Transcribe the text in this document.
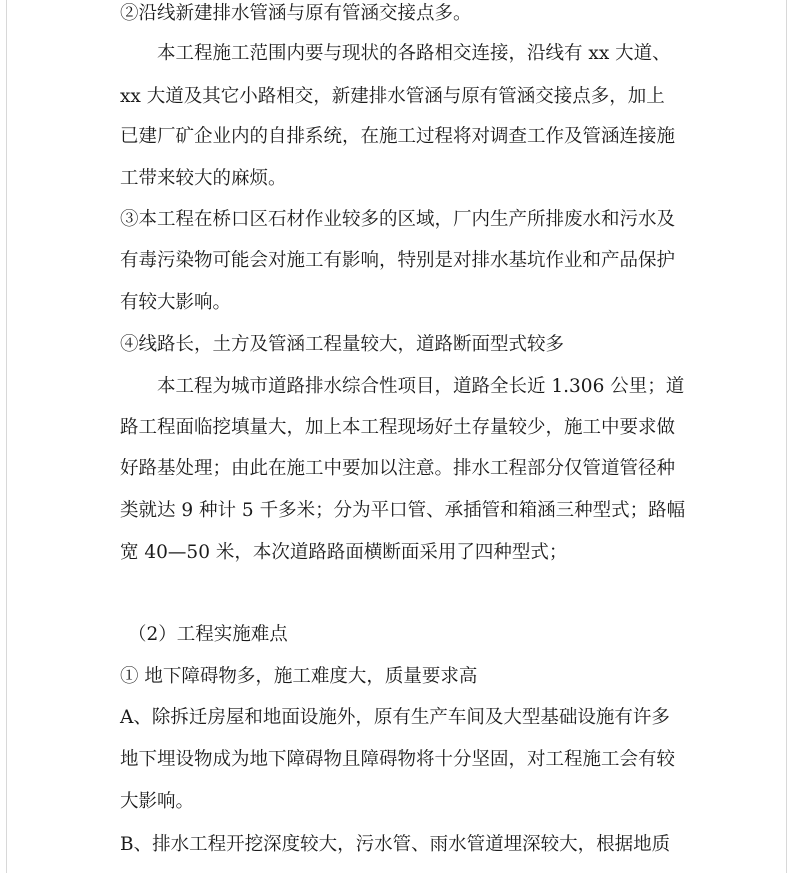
②沿线新建排水管涵与原有管涵交接点多。
本工程施工范围内要与现状的各路相交连接，沿线有 xx 大道、
xx 大道及其它小路相交，新建排水管涵与原有管涵交接点多，加上
已建厂矿企业内的自排系统，在施工过程将对调查工作及管涵连接施
工带来较大的麻烦。
③本工程在桥口区石材作业较多的区域，厂内生产所排废水和污水及
有毒污染物可能会对施工有影响，特别是对排水基坑作业和产品保护
有较大影响。
④线路长，土方及管涵工程量较大，道路断面型式较多
本工程为城市道路排水综合性项目，道路全长近 1.306 公里；道
路工程面临挖填量大，加上本工程现场好土存量较少，施工中要求做
好路基处理；由此在施工中要加以注意。排水工程部分仅管道管径种
类就达 9 种计 5 千多米；分为平口管、承插管和箱涵三种型式；路幅
宽 40—50 米，本次道路路面横断面采用了四种型式；
（2）工程实施难点
① 地下障碍物多，施工难度大，质量要求高
A、除拆迁房屋和地面设施外，原有生产车间及大型基础设施有许多
地下埋设物成为地下障碍物且障碍物将十分坚固，对工程施工会有较
大影响。
B、排水工程开挖深度较大，污水管、雨水管道埋深较大，根据地质
